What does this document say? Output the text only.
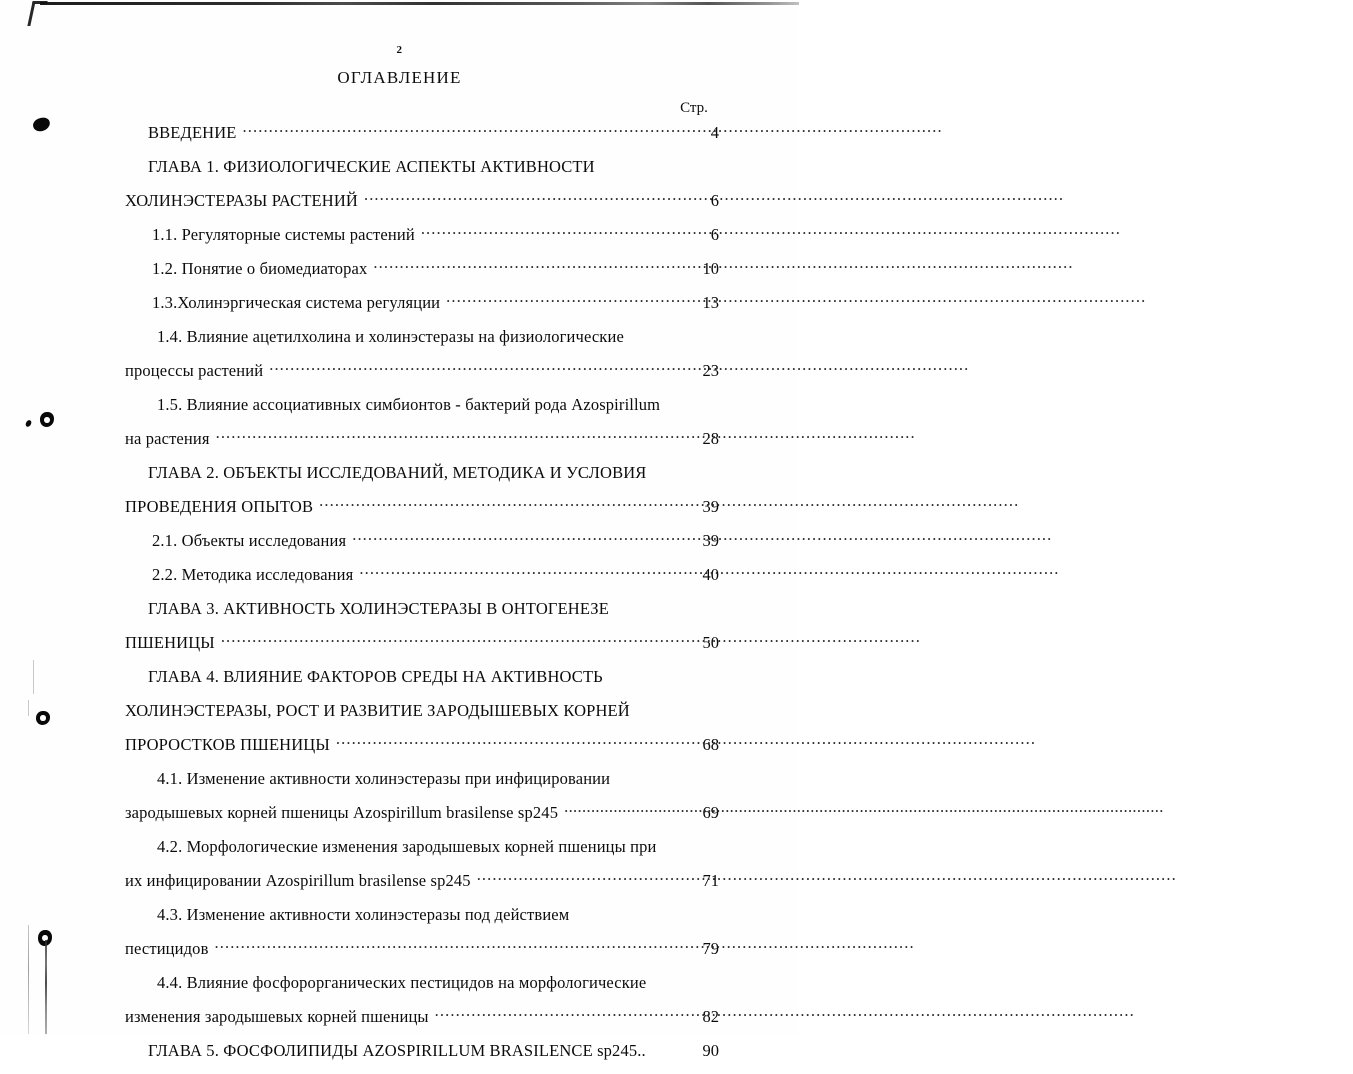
2
ОГЛАВЛЕНИЕ
Стр.
ВВЕДЕНИЕ .....	4
ГЛАВА 1. ФИЗИОЛОГИЧЕСКИЕ АСПЕКТЫ АКТИВНОСТИ
ХОЛИНЭСТЕРАЗЫ РАСТЕНИЙ .....	6
1.1. Регуляторные системы растений .....	6
1.2. Понятие о биомедиаторах .....	10
1.3.Холинэргическая система регуляции .....	13
1.4. Влияние ацетилхолина и холинэстеразы на физиологические
процессы растений .....	23
1.5. Влияние ассоциативных симбионтов - бактерий рода Azospirillum
на растения .....	28
ГЛАВА 2. ОБЪЕКТЫ ИССЛЕДОВАНИЙ, МЕТОДИКА И УСЛОВИЯ
ПРОВЕДЕНИЯ ОПЫТОВ .....	39
2.1. Объекты исследования .....	39
2.2. Методика исследования .....	40
ГЛАВА 3. АКТИВНОСТЬ ХОЛИНЭСТЕРАЗЫ В ОНТОГЕНЕЗЕ
ПШЕНИЦЫ .....	50
ГЛАВА 4. ВЛИЯНИЕ ФАКТОРОВ СРЕДЫ НА АКТИВНОСТЬ
ХОЛИНЭСТЕРАЗЫ, РОСТ И РАЗВИТИЕ ЗАРОДЫШЕВЫХ КОРНЕЙ
ПРОРОСТКОВ ПШЕНИЦЫ .....	68
4.1. Изменение активности холинэстеразы при инфицировании
зародышевых корней пшеницы Azospirillum brasilense sp245 .....	69
4.2. Морфологические изменения зародышевых корней пшеницы при
их инфицировании Azospirillum brasilense sp245 .....	71
4.3. Изменение активности холинэстеразы под действием
пестицидов .....	79
4.4. Влияние фосфорорганических пестицидов на морфологические
изменения зародышевых корней пшеницы .....	82
ГЛАВА 5. ФОСФОЛИПИДЫ AZOSPIRILLUM BRASILENCE sp245..	90
